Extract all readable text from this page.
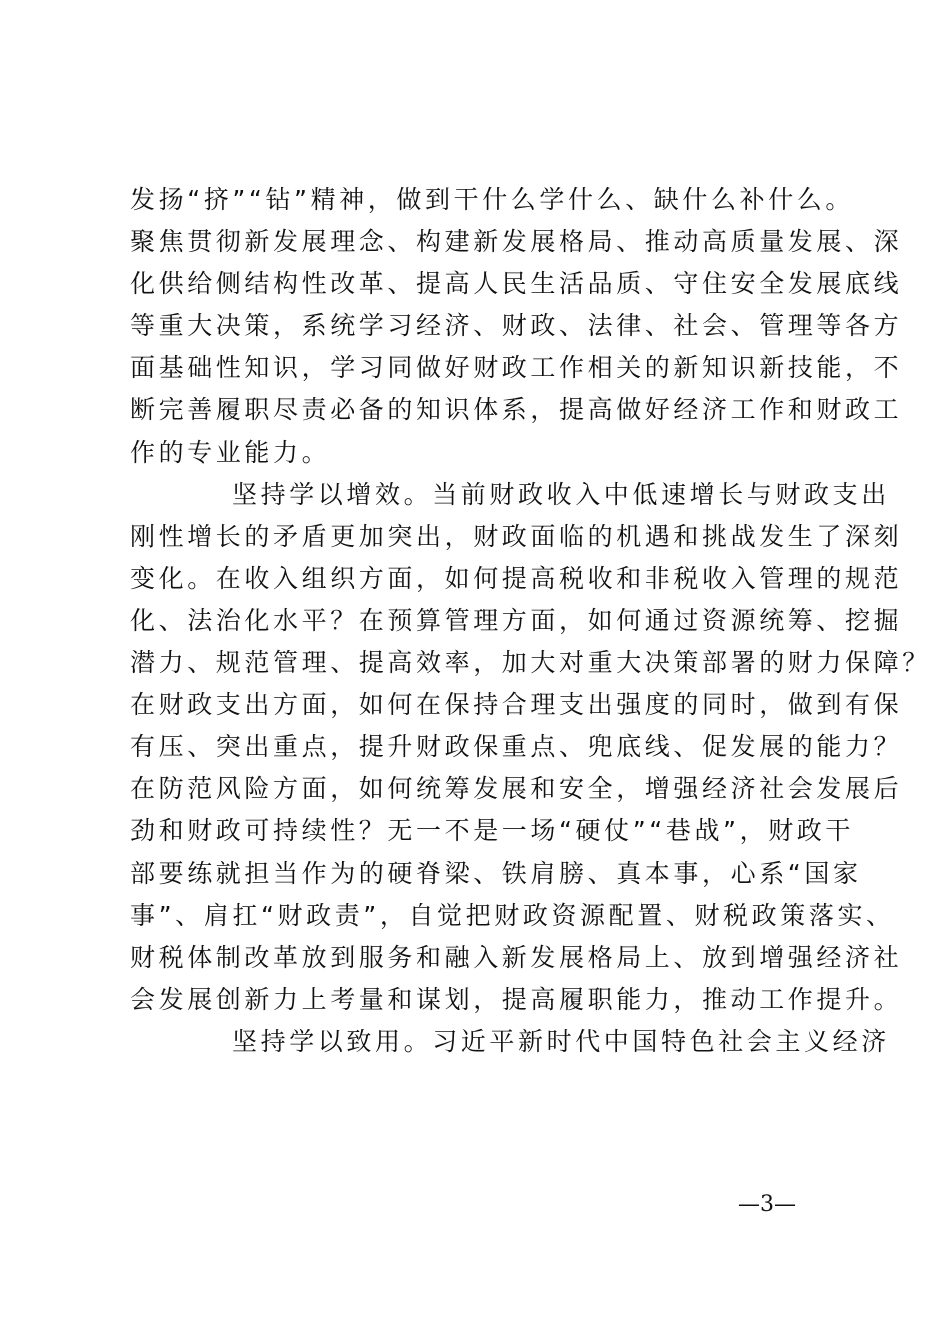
发扬“挤”“钻”精神，做到干什么学什么、缺什么补什么。
聚焦贯彻新发展理念、构建新发展格局、推动高质量发展、深
化供给侧结构性改革、提高人民生活品质、守住安全发展底线
等重大决策，系统学习经济、财政、法律、社会、管理等各方
面基础性知识，学习同做好财政工作相关的新知识新技能，不
断完善履职尽责必备的知识体系，提高做好经济工作和财政工
作的专业能力。
坚持学以增效。当前财政收入中低速增长与财政支出
刚性增长的矛盾更加突出，财政面临的机遇和挑战发生了深刻
变化。在收入组织方面，如何提高税收和非税收入管理的规范
化、法治化水平？在预算管理方面，如何通过资源统筹、挖掘
潜力、规范管理、提高效率，加大对重大决策部署的财力保障？
在财政支出方面，如何在保持合理支出强度的同时，做到有保
有压、突出重点，提升财政保重点、兜底线、促发展的能力？
在防范风险方面，如何统筹发展和安全，增强经济社会发展后
劲和财政可持续性？无一不是一场“硬仗”“巷战”，财政干
部要练就担当作为的硬脊梁、铁肩膀、真本事，心系“国家
事”、肩扛“财政责”，自觉把财政资源配置、财税政策落实、
财税体制改革放到服务和融入新发展格局上、放到增强经济社
会发展创新力上考量和谋划，提高履职能力，推动工作提升。
坚持学以致用。习近平新时代中国特色社会主义经济
—3—
